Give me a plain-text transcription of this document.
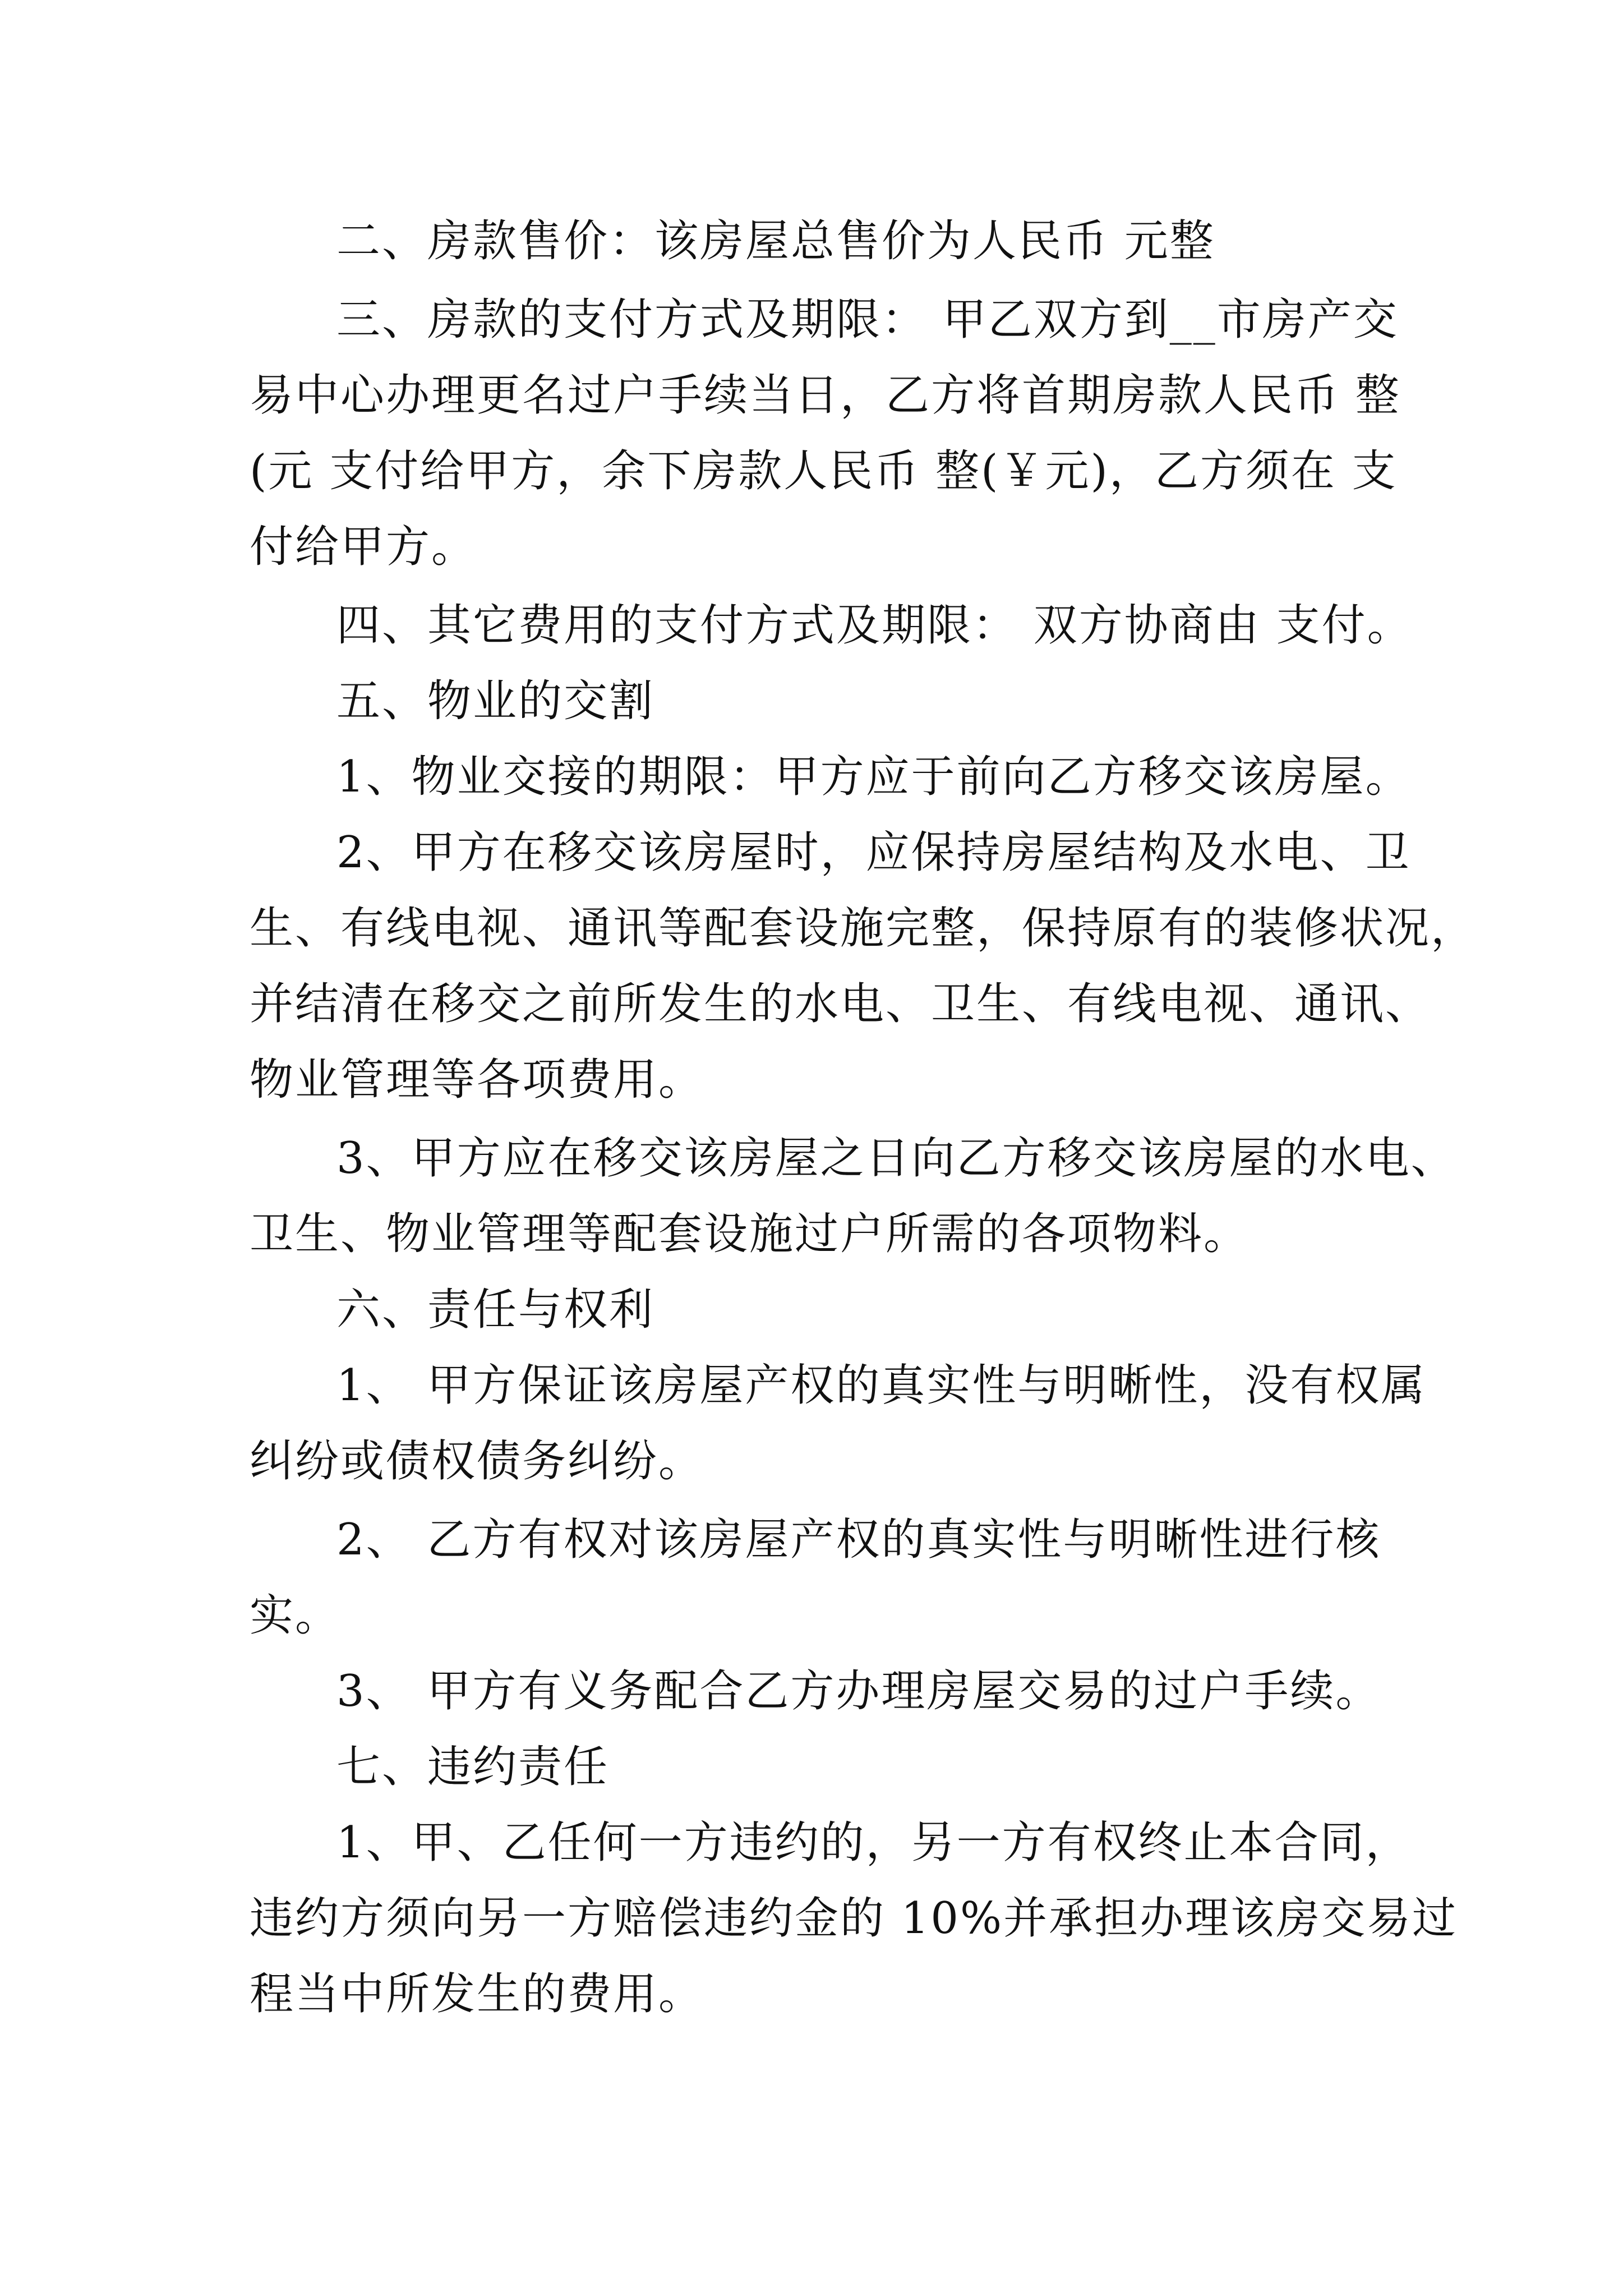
二、房款售价：该房屋总售价为人民币 元整
三、房款的支付方式及期限： 甲乙双方到__市房产交
易中心办理更名过户手续当日，乙方将首期房款人民币 整
(元 支付给甲方，余下房款人民币 整(￥元)，乙方须在 支
付给甲方。
四、其它费用的支付方式及期限： 双方协商由 支付。
五、物业的交割
1、物业交接的期限：甲方应于前向乙方移交该房屋。
2、甲方在移交该房屋时，应保持房屋结构及水电、卫
生、有线电视、通讯等配套设施完整，保持原有的装修状况，
并结清在移交之前所发生的水电、卫生、有线电视、通讯、
物业管理等各项费用。
3、甲方应在移交该房屋之日向乙方移交该房屋的水电、
卫生、物业管理等配套设施过户所需的各项物料。
六、责任与权利
1、 甲方保证该房屋产权的真实性与明晰性，没有权属
纠纷或债权债务纠纷。
2、 乙方有权对该房屋产权的真实性与明晰性进行核
实。
3、 甲方有义务配合乙方办理房屋交易的过户手续。
七、违约责任
1、甲、乙任何一方违约的，另一方有权终止本合同，
违约方须向另一方赔偿违约金的 10%并承担办理该房交易过
程当中所发生的费用。
